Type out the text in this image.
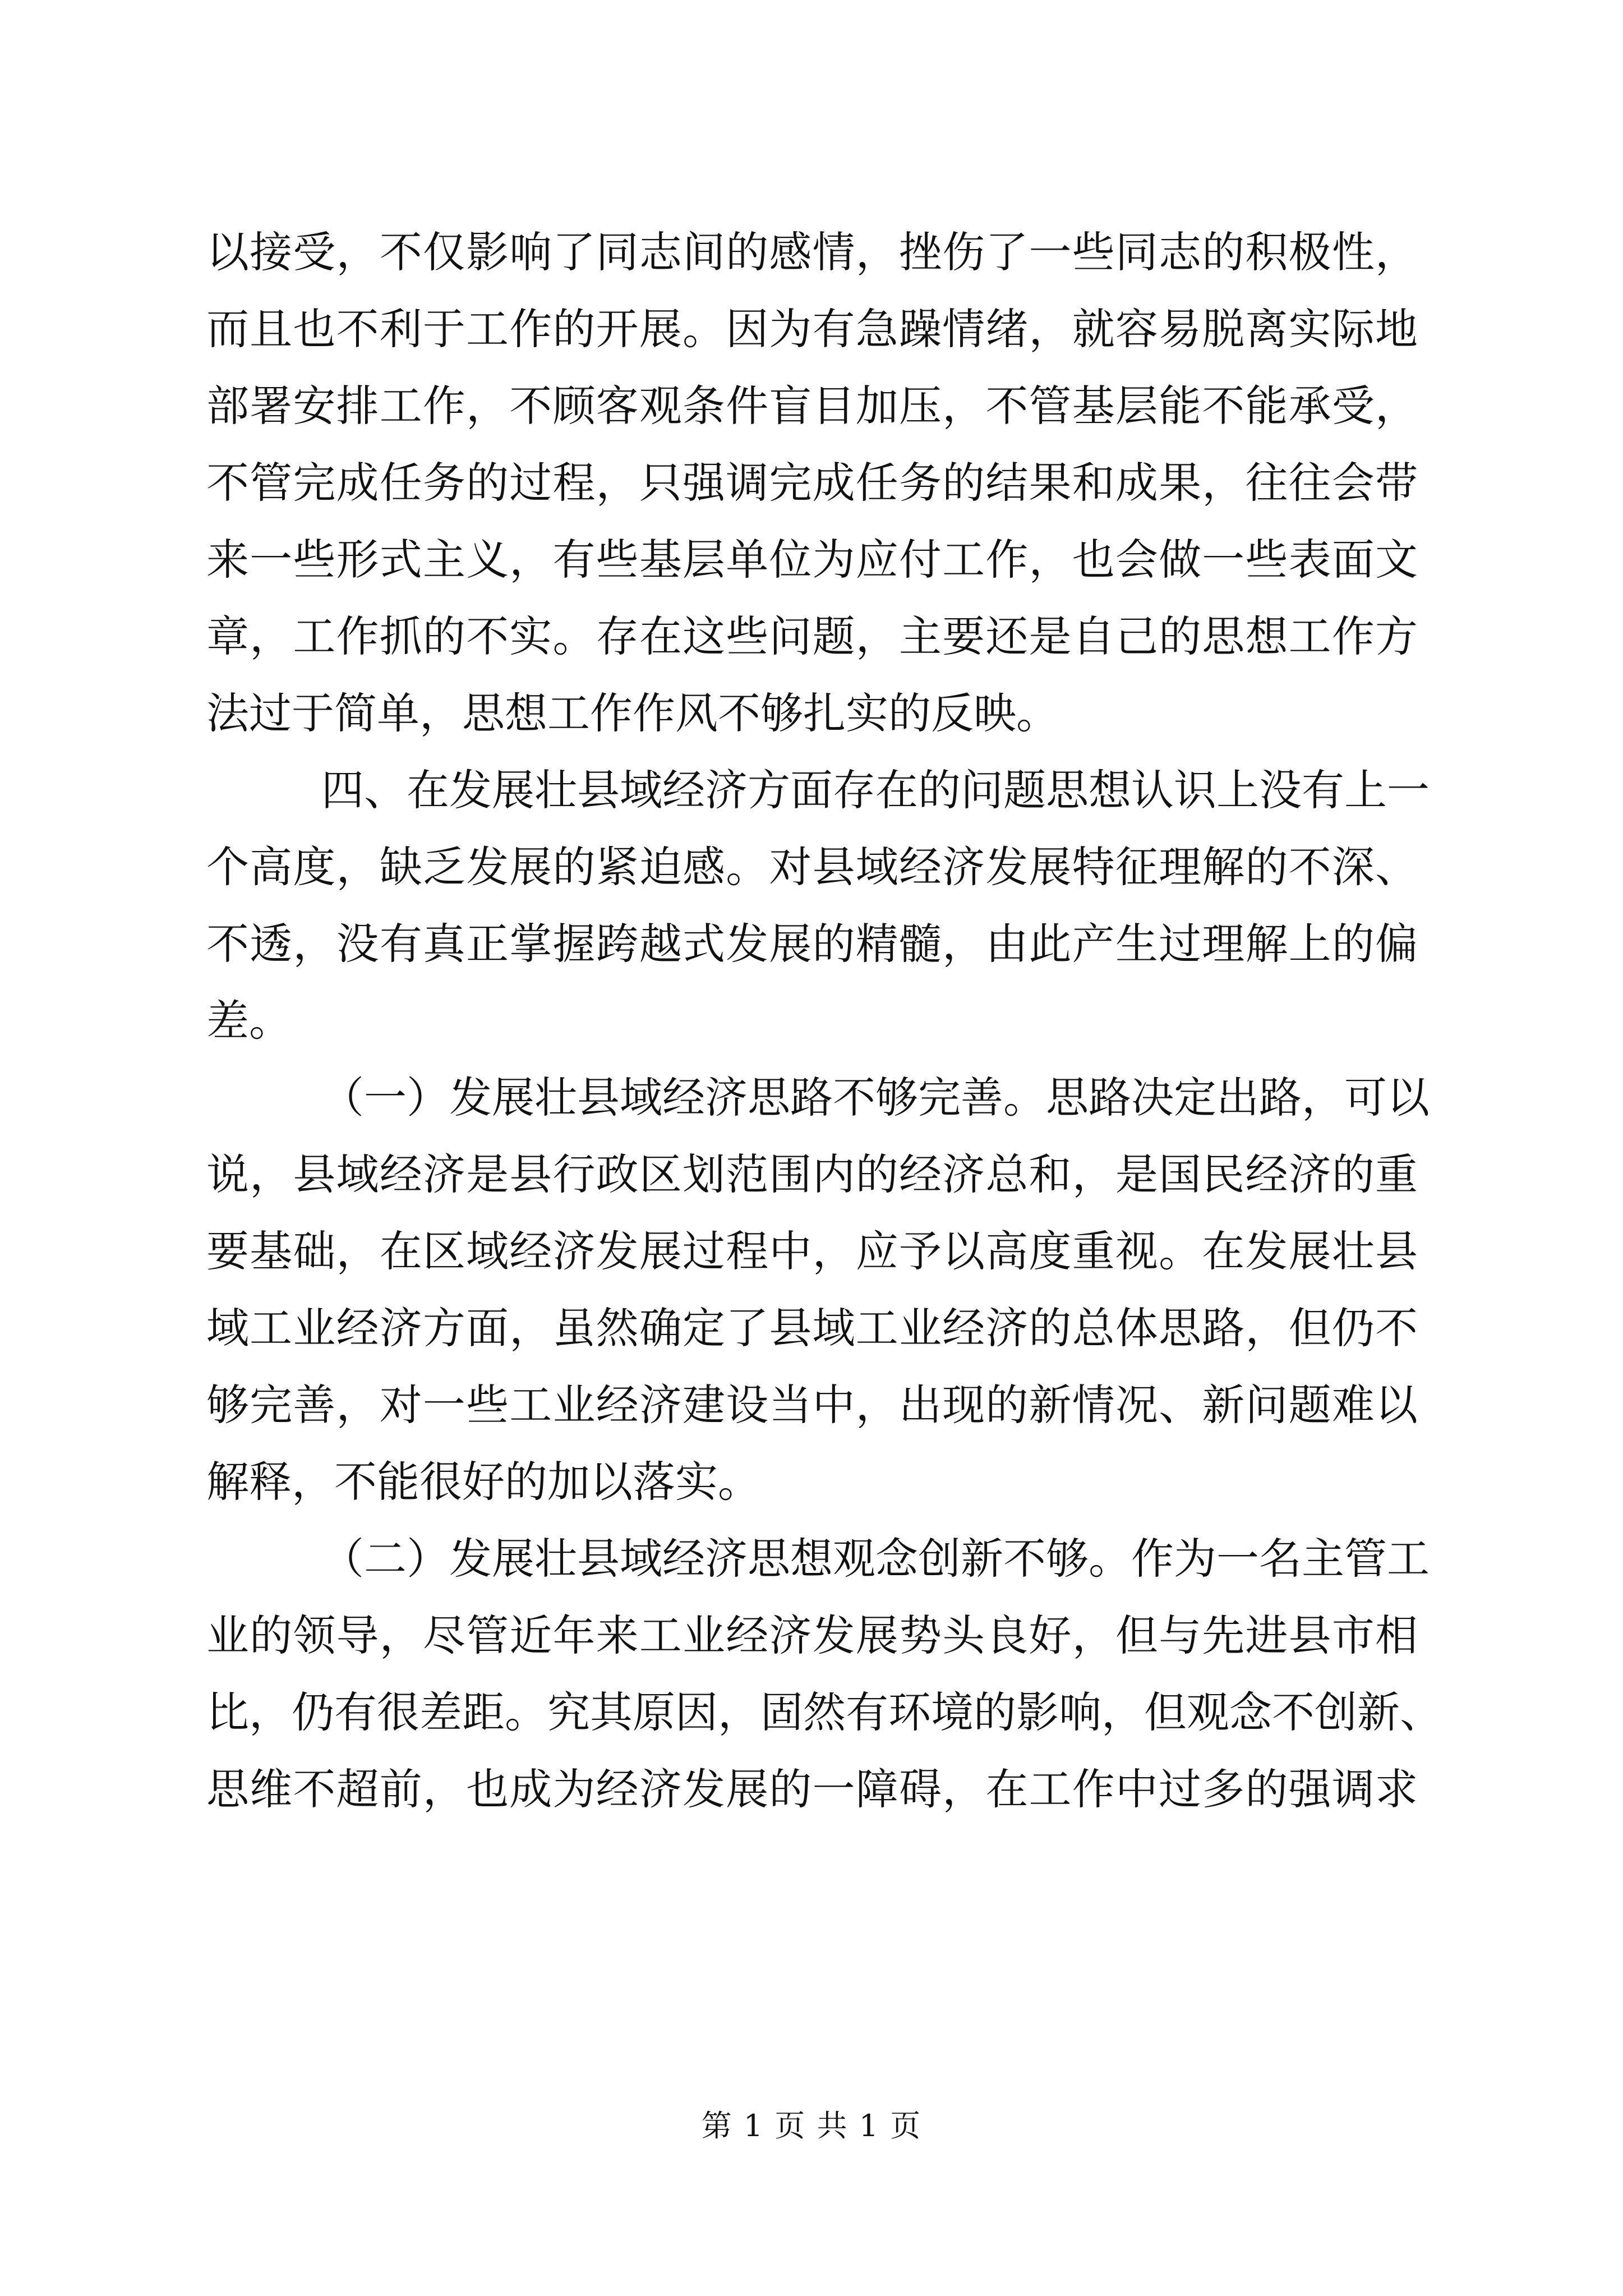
以接受，不仅影响了同志间的感情，挫伤了一些同志的积极性，
而且也不利于工作的开展。因为有急躁情绪，就容易脱离实际地
部署安排工作，不顾客观条件盲目加压，不管基层能不能承受，
不管完成任务的过程，只强调完成任务的结果和成果，往往会带
来一些形式主义，有些基层单位为应付工作，也会做一些表面文
章，工作抓的不实。存在这些问题，主要还是自己的思想工作方
法过于简单，思想工作作风不够扎实的反映。
四、在发展壮县域经济方面存在的问题思想认识上没有上一
个高度，缺乏发展的紧迫感。对县域经济发展特征理解的不深、
不透，没有真正掌握跨越式发展的精髓，由此产生过理解上的偏
差。
（一）发展壮县域经济思路不够完善。思路决定出路，可以
说，县域经济是县行政区划范围内的经济总和，是国民经济的重
要基础，在区域经济发展过程中，应予以高度重视。在发展壮县
域工业经济方面，虽然确定了县域工业经济的总体思路，但仍不
够完善，对一些工业经济建设当中，出现的新情况、新问题难以
解释，不能很好的加以落实。
（二）发展壮县域经济思想观念创新不够。作为一名主管工
业的领导，尽管近年来工业经济发展势头良好，但与先进县市相
比，仍有很差距。究其原因，固然有环境的影响，但观念不创新、
思维不超前，也成为经济发展的一障碍，在工作中过多的强调求
第 1 页 共 1 页
